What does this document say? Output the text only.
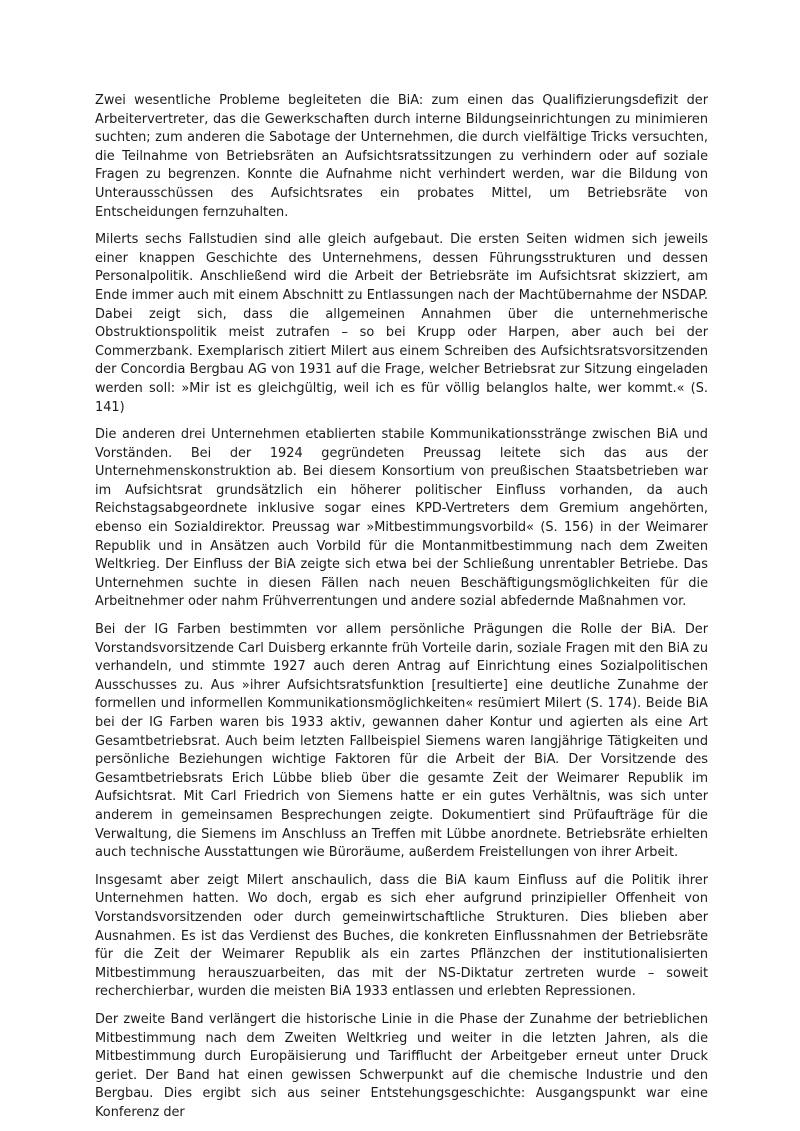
Zwei wesentliche Probleme begleiteten die BiA: zum einen das Qualifizierungsdefizit der Arbeitervertreter, das die Gewerkschaften durch interne Bildungseinrichtungen zu minimieren suchten; zum anderen die Sabotage der Unternehmen, die durch vielfältige Tricks versuchten, die Teilnahme von Betriebsräten an Aufsichtsratssitzungen zu verhindern oder auf soziale Fragen zu begrenzen. Konnte die Aufnahme nicht verhindert werden, war die Bildung von Unterausschüssen des Aufsichtsrates ein probates Mittel, um Betriebsräte von Entscheidungen fernzuhalten.

Milerts sechs Fallstudien sind alle gleich aufgebaut. Die ersten Seiten widmen sich jeweils einer knappen Geschichte des Unternehmens, dessen Führungsstrukturen und dessen Personalpolitik. Anschließend wird die Arbeit der Betriebsräte im Aufsichtsrat skizziert, am Ende immer auch mit einem Abschnitt zu Entlassungen nach der Machtübernahme der NSDAP. Dabei zeigt sich, dass die allgemeinen Annahmen über die unternehmerische Obstruktionspolitik meist zutrafen – so bei Krupp oder Harpen, aber auch bei der Commerzbank. Exemplarisch zitiert Milert aus einem Schreiben des Aufsichtsratsvorsitzenden der Concordia Bergbau AG von 1931 auf die Frage, welcher Betriebsrat zur Sitzung eingeladen werden soll: »Mir ist es gleichgültig, weil ich es für völlig belanglos halte, wer kommt.« (S. 141)

Die anderen drei Unternehmen etablierten stabile Kommunikationsstränge zwischen BiA und Vorständen. Bei der 1924 gegründeten Preussag leitete sich das aus der Unternehmenskonstruktion ab. Bei diesem Konsortium von preußischen Staatsbetrieben war im Aufsichtsrat grundsätzlich ein höherer politischer Einfluss vorhanden, da auch Reichstagsabgeordnete inklusive sogar eines KPD-Vertreters dem Gremium angehörten, ebenso ein Sozialdirektor. Preussag war »Mitbestimmungsvorbild« (S. 156) in der Weimarer Republik und in Ansätzen auch Vorbild für die Montanmitbestimmung nach dem Zweiten Weltkrieg. Der Einfluss der BiA zeigte sich etwa bei der Schließung unrentabler Betriebe. Das Unternehmen suchte in diesen Fällen nach neuen Beschäftigungsmöglichkeiten für die Arbeitnehmer oder nahm Frühverrentungen und andere sozial abfedernde Maßnahmen vor.

Bei der IG Farben bestimmten vor allem persönliche Prägungen die Rolle der BiA. Der Vorstandsvorsitzende Carl Duisberg erkannte früh Vorteile darin, soziale Fragen mit den BiA zu verhandeln, und stimmte 1927 auch deren Antrag auf Einrichtung eines Sozialpolitischen Ausschusses zu. Aus »ihrer Aufsichtsratsfunktion [resultierte] eine deutliche Zunahme der formellen und informellen Kommunikationsmöglichkeiten« resümiert Milert (S. 174). Beide BiA bei der IG Farben waren bis 1933 aktiv, gewannen daher Kontur und agierten als eine Art Gesamtbetriebsrat. Auch beim letzten Fallbeispiel Siemens waren langjährige Tätigkeiten und persönliche Beziehungen wichtige Faktoren für die Arbeit der BiA. Der Vorsitzende des Gesamtbetriebsrats Erich Lübbe blieb über die gesamte Zeit der Weimarer Republik im Aufsichtsrat. Mit Carl Friedrich von Siemens hatte er ein gutes Verhältnis, was sich unter anderem in gemeinsamen Besprechungen zeigte. Dokumentiert sind Prüfaufträge für die Verwaltung, die Siemens im Anschluss an Treffen mit Lübbe anordnete. Betriebsräte erhielten auch technische Ausstattungen wie Büroräume, außerdem Freistellungen von ihrer Arbeit.

Insgesamt aber zeigt Milert anschaulich, dass die BiA kaum Einfluss auf die Politik ihrer Unternehmen hatten. Wo doch, ergab es sich eher aufgrund prinzipieller Offenheit von Vorstandsvorsitzenden oder durch gemeinwirtschaftliche Strukturen. Dies blieben aber Ausnahmen. Es ist das Verdienst des Buches, die konkreten Einflussnahmen der Betriebsräte für die Zeit der Weimarer Republik als ein zartes Pflänzchen der institutionalisierten Mitbestimmung herauszuarbeiten, das mit der NS-Diktatur zertreten wurde – soweit recherchierbar, wurden die meisten BiA 1933 entlassen und erlebten Repressionen.

Der zweite Band verlängert die historische Linie in die Phase der Zunahme der betrieblichen Mitbestimmung nach dem Zweiten Weltkrieg und weiter in die letzten Jahren, als die Mitbestimmung durch Europäisierung und Tarifflucht der Arbeitgeber erneut unter Druck geriet. Der Band hat einen gewissen Schwerpunkt auf die chemische Industrie und den Bergbau. Dies ergibt sich aus seiner Entstehungsgeschichte: Ausgangspunkt war eine Konferenz der
